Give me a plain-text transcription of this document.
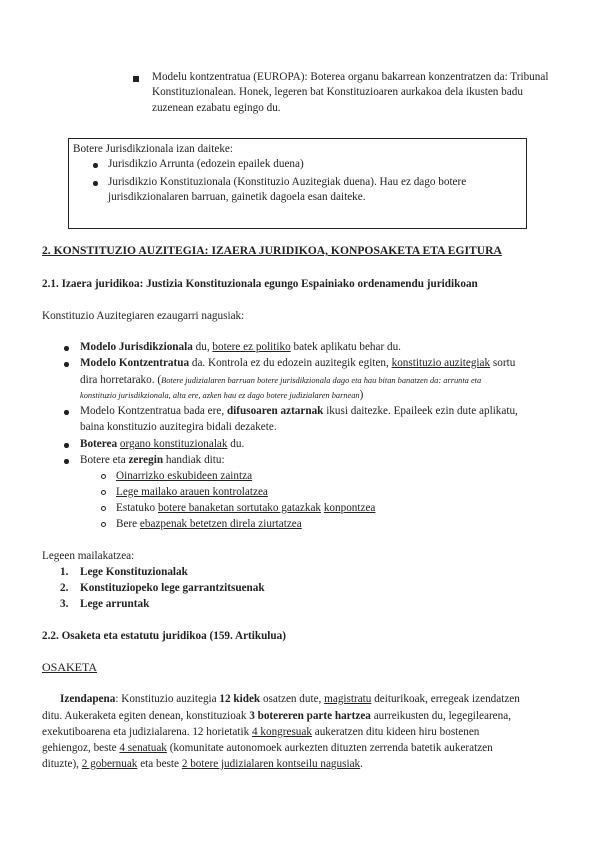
Modelu kontzentratua (EUROPA): Boterea organu bakarrean konzentratzen da: Tribunal Konstituzionalean. Honek, legeren bat Konstituzioaren aurkakoa dela ikusten badu zuzenean ezabatu egingo du.
Botere Jurisdikzionala izan daiteke:
Jurisdikzio Arrunta (edozein epailek duena)
Jurisdikzio Konstituzionala (Konstituzio Auzitegiak duena). Hau ez dago botere jurisdikzionalaren barruan, gainetik dagoela esan daiteke.
2. KONSTITUZIO AUZITEGIA: IZAERA JURIDIKOA, KONPOSAKETA ETA EGITURA
2.1. Izaera juridikoa: Justizia Konstituzionala egungo Espainiako ordenamendu juridikoan
Konstituzio Auzitegiaren ezaugarri nagusiak:
Modelo Jurisdikzionala du, botere ez politiko batek aplikatu behar du.
Modelo Kontzentratua da. Kontrola ez du edozein auzitegik egiten, konstituzio auzitegiak sortu
dira horretarako. (Botere judizialaren barruan botere jurisdikzionala dago eta hau bitan banatzen da: arrunta eta
konstituzio jurisdikzionala, alta ere, azken hau ez dago botere judizialaren barnean)
Modelo Kontzentratua bada ere, difusoaren aztarnak ikusi daitezke. Epaileek ezin dute aplikatu,
baina konstituzio auzitegira bidali dezakete.
Boterea organo konstituzionalak du.
Botere eta zeregin handiak ditu:
Oinarrizko eskubideen zaintza
Lege mailako arauen kontrolatzea
Estatuko botere banaketan sortutako gatazkak konpontzea
Bere ebazpenak betetzen direla ziurtatzea
Legeen mailakatzea:
1. Lege Konstituzionalak
2. Konstituziopeko lege garrantzitsuenak
3. Lege arruntak
2.2. Osaketa eta estatutu juridikoa (159. Artikulua)
OSAKETA
Izendapena: Konstituzio auzitegia 12 kidek osatzen dute, magistratu deiturikoak, erregeak izendatzen
ditu. Aukeraketa egiten denean, konstituzioak 3 botereren parte hartzea aurreikusten du, legegilearena,
exekutiboarena eta judizialarena. 12 horietatik 4 kongresuak aukeratzen ditu kideen hiru bostenen
gehiengoz, beste 4 senatuak (komunitate autonomoek aurkezten dituzten zerrenda batetik aukeratzen
dituzte), 2 gobernuak eta beste 2 botere judizialaren kontseilu nagusiak.
